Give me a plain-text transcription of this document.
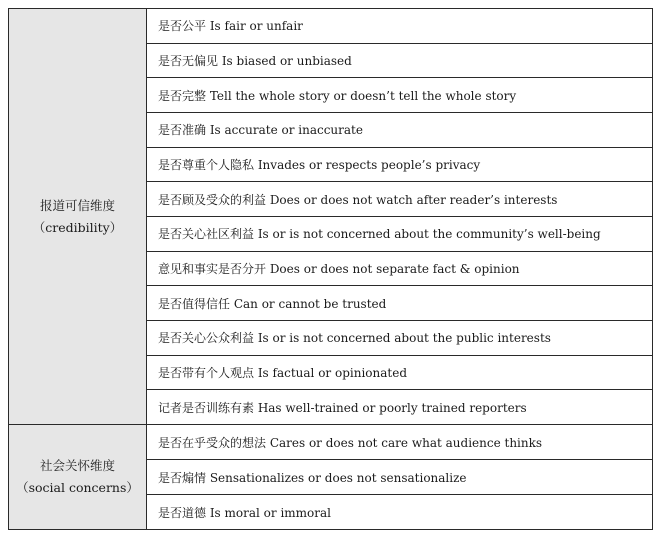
报道可信维度
（credibility）
是否公平 Is fair or unfair
是否无偏见 Is biased or unbiased
是否完整 Tell the whole story or doesn’t tell the whole story
是否准确 Is accurate or inaccurate
是否尊重个人隐私 Invades or respects people’s privacy
是否顾及受众的利益 Does or does not watch after reader’s interests
是否关心社区利益 Is or is not concerned about the community’s well-being
意见和事实是否分开 Does or does not separate fact & opinion
是否值得信任 Can or cannot be trusted
是否关心公众利益 Is or is not concerned about the public interests
是否带有个人观点 Is factual or opinionated
记者是否训练有素 Has well-trained or poorly trained reporters
社会关怀维度
（social concerns）
是否在乎受众的想法 Cares or does not care what audience thinks
是否煽情 Sensationalizes or does not sensationalize
是否道德 Is moral or immoral
